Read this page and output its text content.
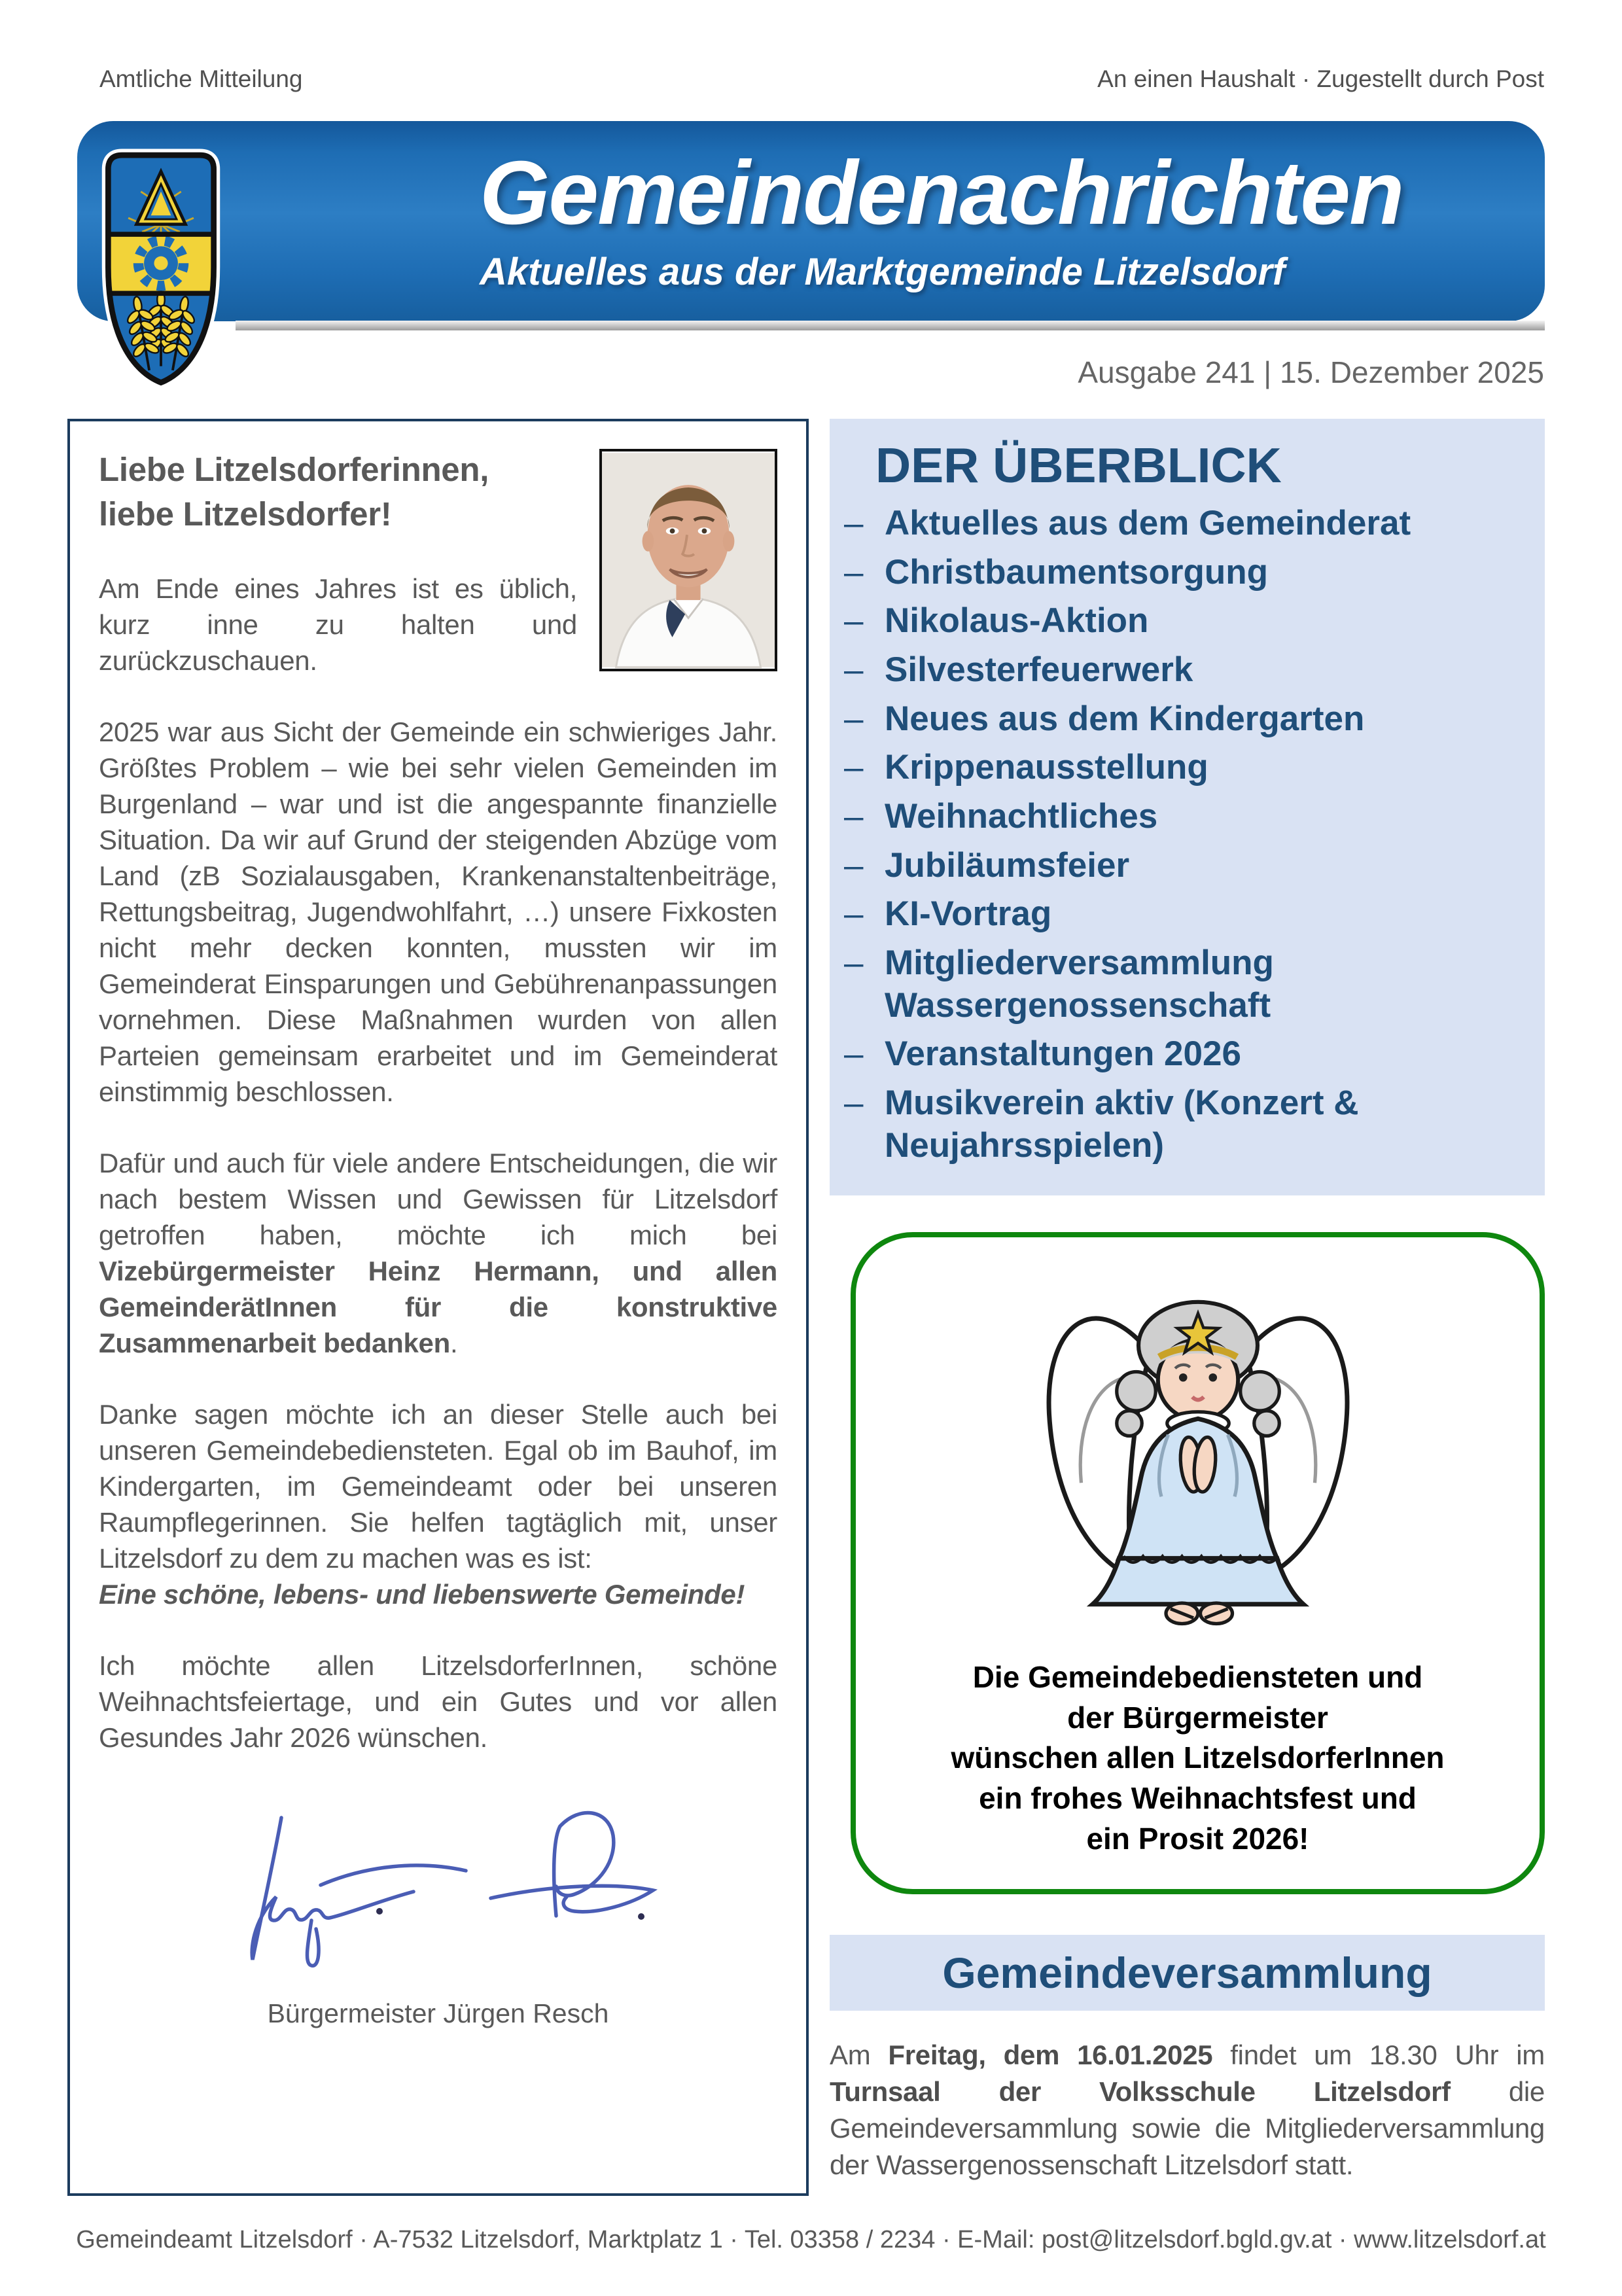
Amtliche Mitteilung	An einen Haushalt · Zugestellt durch Post
Gemeindenachrichten
Aktuelles aus der Marktgemeinde Litzelsdorf
Ausgabe 241 | 15. Dezember 2025
Liebe Litzelsdorferinnen,
liebe Litzelsdorfer!

Am Ende eines Jahres ist es üblich, kurz inne zu halten und zurückzuschauen.

2025 war aus Sicht der Gemeinde ein schwieriges Jahr. Größtes Problem – wie bei sehr vielen Gemeinden im Burgenland – war und ist die angespannte finanzielle Situation. Da wir auf Grund der steigenden Abzüge vom Land (zB Sozialausgaben, Krankenanstaltenbeiträge, Rettungsbeitrag, Jugendwohlfahrt, …) unsere Fixkosten nicht mehr decken konnten, mussten wir im Gemeinderat Einsparungen und Gebührenanpassungen vornehmen. Diese Maßnahmen wurden von allen Parteien gemeinsam erarbeitet und im Gemeinderat einstimmig beschlossen.

Dafür und auch für viele andere Entscheidungen, die wir nach bestem Wissen und Gewissen für Litzelsdorf getroffen haben, möchte ich mich bei Vizebürgermeister Heinz Hermann, und allen GemeinderätInnen für die konstruktive Zusammenarbeit bedanken.

Danke sagen möchte ich an dieser Stelle auch bei unseren Gemeindebediensteten. Egal ob im Bauhof, im Kindergarten, im Gemeindeamt oder bei unseren Raumpflegerinnen. Sie helfen tagtäglich mit, unser Litzelsdorf zu dem zu machen was es ist:

Eine schöne, lebens- und liebenswerte Gemeinde!

Ich möchte allen LitzelsdorferInnen, schöne Weihnachtsfeiertage, und ein Gutes und vor allen Gesundes Jahr 2026 wünschen.

Bürgermeister Jürgen Resch
DER ÜBERBLICK
– Aktuelles aus dem Gemeinderat
– Christbaumentsorgung
– Nikolaus-Aktion
– Silvesterfeuerwerk
– Neues aus dem Kindergarten
– Krippenausstellung
– Weihnachtliches
– Jubiläumsfeier
– KI-Vortrag
– Mitgliederversammlung Wassergenossenschaft
– Veranstaltungen 2026
– Musikverein aktiv (Konzert & Neujahrsspielen)
Die Gemeindebediensteten und
der Bürgermeister
wünschen allen LitzelsdorferInnen
ein frohes Weihnachtsfest und
ein Prosit 2026!
Gemeindeversammlung

Am Freitag, dem 16.01.2025 findet um 18.30 Uhr im Turnsaal der Volksschule Litzelsdorf die Gemeindeversammlung sowie die Mitgliederversammlung der Wassergenossenschaft Litzelsdorf statt.

Gemeindeamt Litzelsdorf · A-7532 Litzelsdorf, Marktplatz 1 · Tel. 03358 / 2234 · E-Mail: post@litzelsdorf.bgld.gv.at · www.litzelsdorf.at
